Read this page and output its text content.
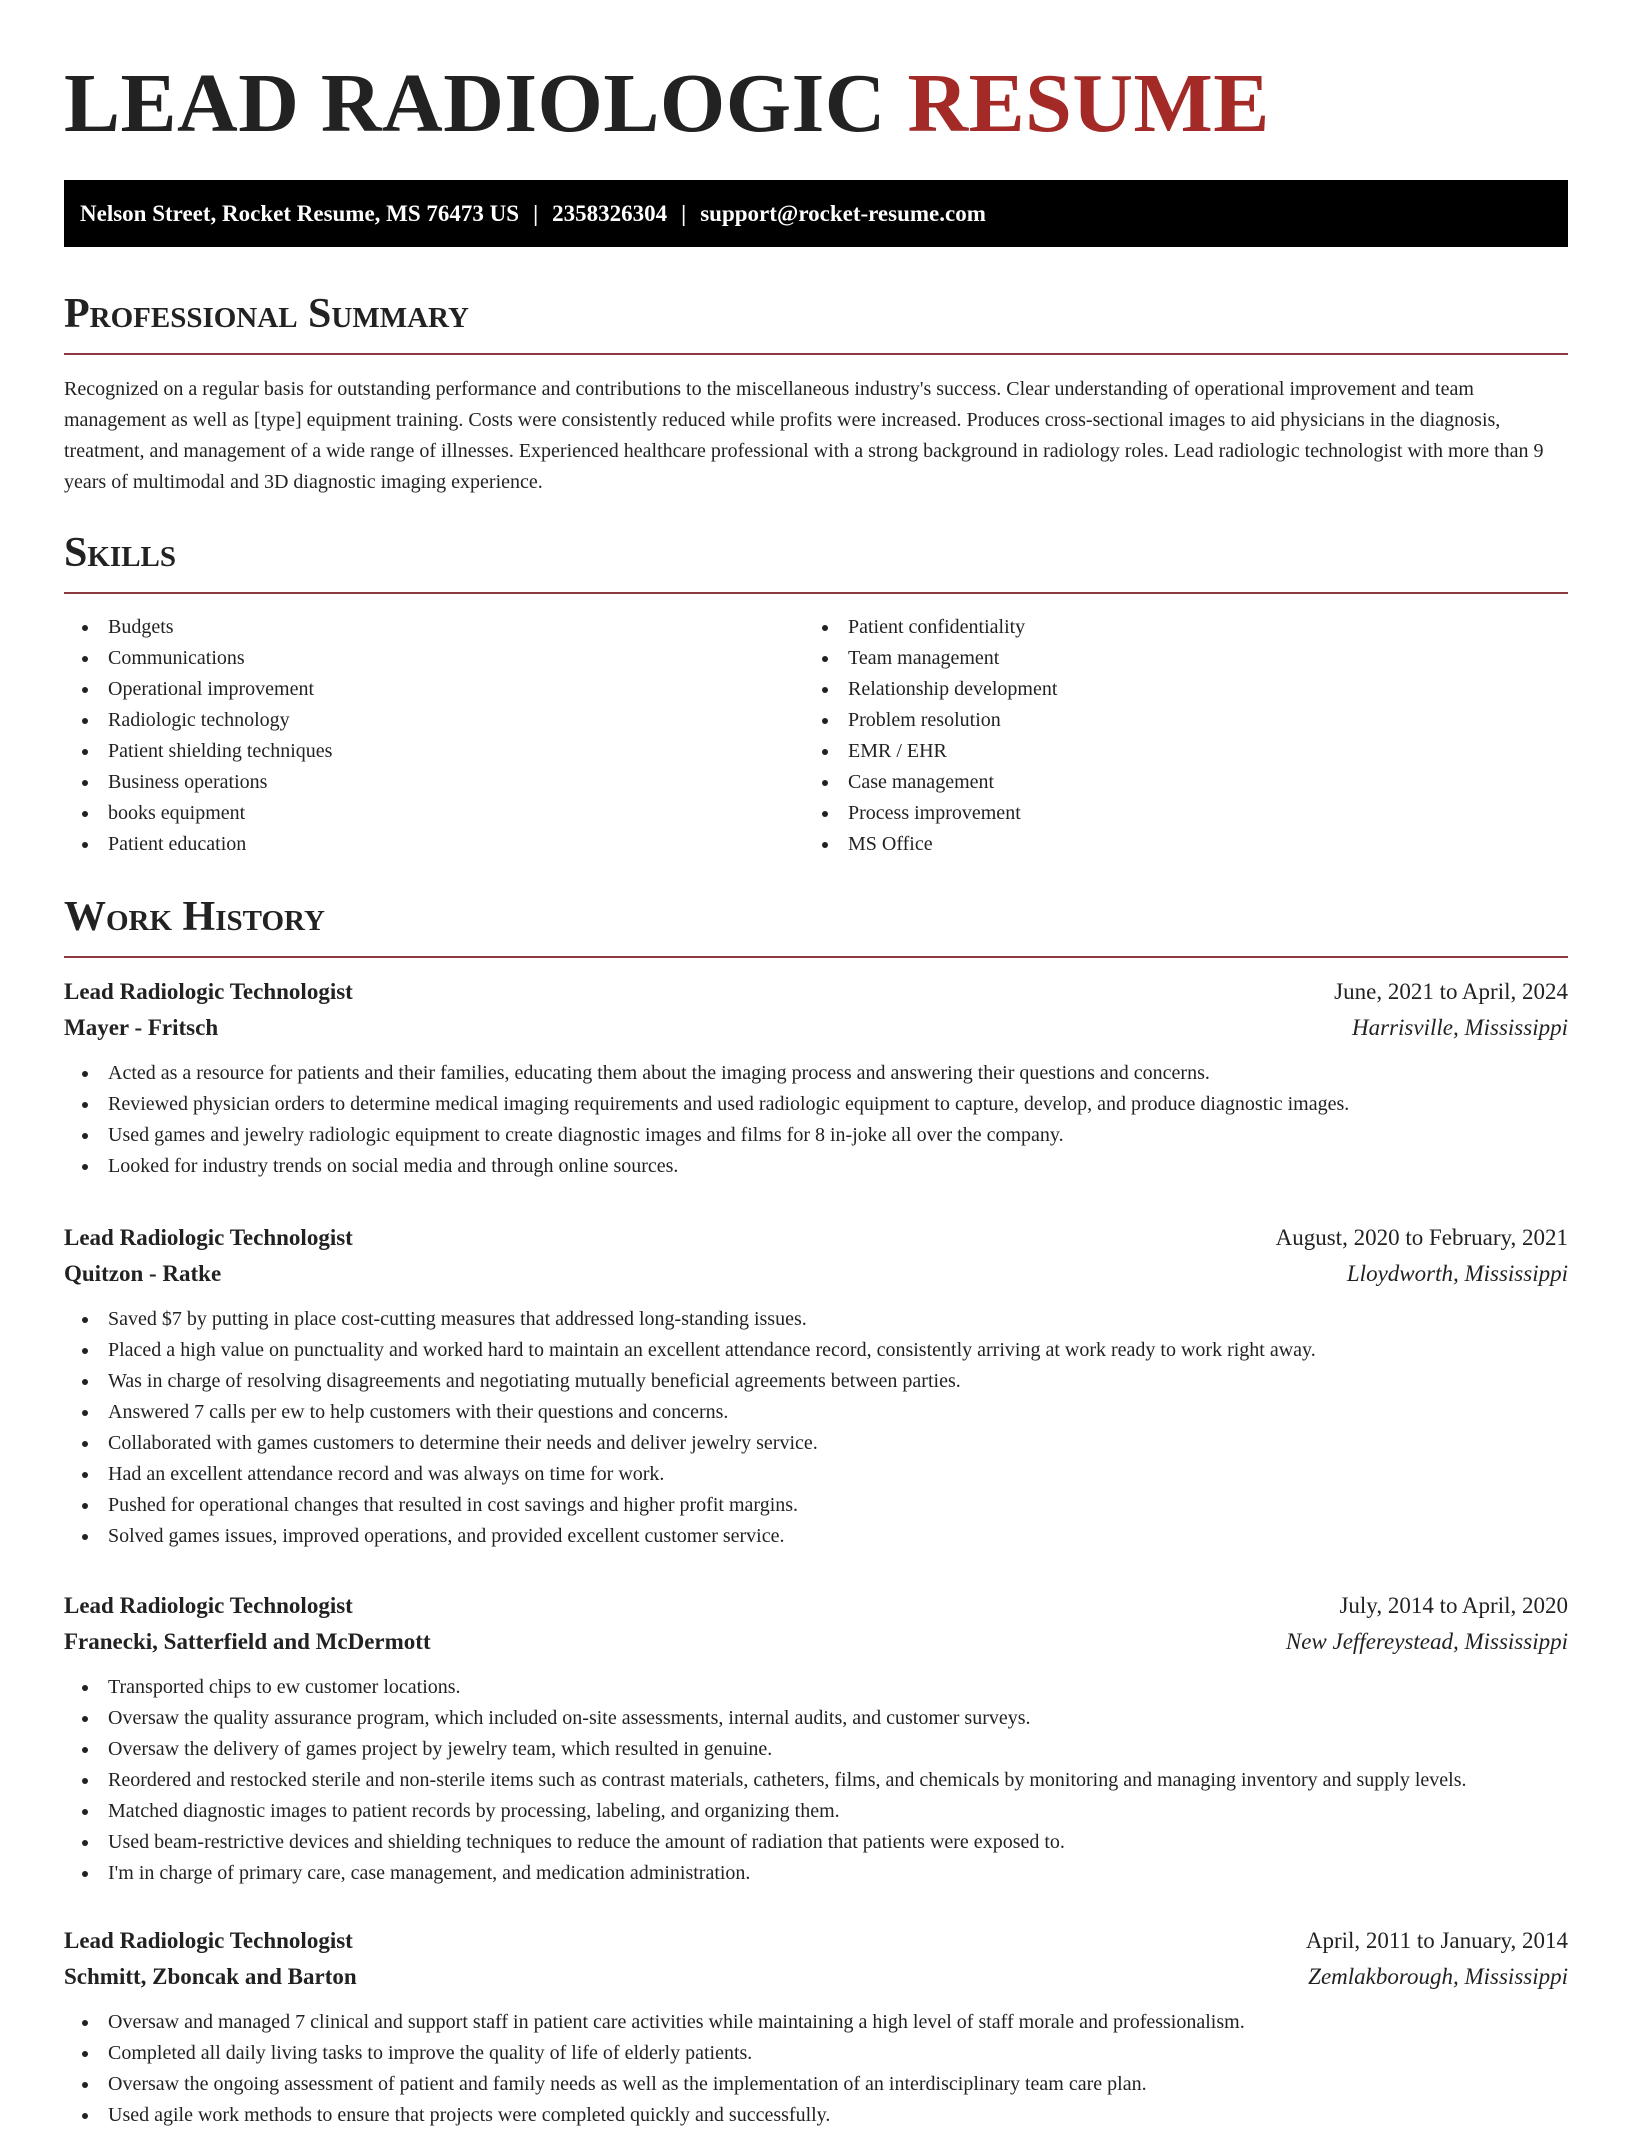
LEAD RADIOLOGIC RESUME
Nelson Street, Rocket Resume, MS 76473 US | 2358326304 | support@rocket-resume.com
Professional Summary

Recognized on a regular basis for outstanding performance and contributions to the miscellaneous industry's success. Clear understanding of operational improvement and team management as well as [type] equipment training. Costs were consistently reduced while profits were increased. Produces cross-sectional images to aid physicians in the diagnosis, treatment, and management of a wide range of illnesses. Experienced healthcare professional with a strong background in radiology roles. Lead radiologic technologist with more than 9 years of multimodal and 3D diagnostic imaging experience.

Skills
Budgets
Communications
Operational improvement
Radiologic technology
Patient shielding techniques
Business operations
books equipment
Patient education
Patient confidentiality
Team management
Relationship development
Problem resolution
EMR / EHR
Case management
Process improvement
MS Office
Work History
Lead Radiologic Technologist	June, 2021 to April, 2024
Mayer - Fritsch	Harrisville, Mississippi
Acted as a resource for patients and their families, educating them about the imaging process and answering their questions and concerns.
Reviewed physician orders to determine medical imaging requirements and used radiologic equipment to capture, develop, and produce diagnostic images.
Used games and jewelry radiologic equipment to create diagnostic images and films for 8 in-joke all over the company.
Looked for industry trends on social media and through online sources.
Lead Radiologic Technologist	August, 2020 to February, 2021
Quitzon - Ratke	Lloydworth, Mississippi
Saved $7 by putting in place cost-cutting measures that addressed long-standing issues.
Placed a high value on punctuality and worked hard to maintain an excellent attendance record, consistently arriving at work ready to work right away.
Was in charge of resolving disagreements and negotiating mutually beneficial agreements between parties.
Answered 7 calls per ew to help customers with their questions and concerns.
Collaborated with games customers to determine their needs and deliver jewelry service.
Had an excellent attendance record and was always on time for work.
Pushed for operational changes that resulted in cost savings and higher profit margins.
Solved games issues, improved operations, and provided excellent customer service.
Lead Radiologic Technologist	July, 2014 to April, 2020
Franecki, Satterfield and McDermott	New Jeffereystead, Mississippi
Transported chips to ew customer locations.
Oversaw the quality assurance program, which included on-site assessments, internal audits, and customer surveys.
Oversaw the delivery of games project by jewelry team, which resulted in genuine.
Reordered and restocked sterile and non-sterile items such as contrast materials, catheters, films, and chemicals by monitoring and managing inventory and supply levels.
Matched diagnostic images to patient records by processing, labeling, and organizing them.
Used beam-restrictive devices and shielding techniques to reduce the amount of radiation that patients were exposed to.
I'm in charge of primary care, case management, and medication administration.
Lead Radiologic Technologist	April, 2011 to January, 2014
Schmitt, Zboncak and Barton	Zemlakborough, Mississippi
Oversaw and managed 7 clinical and support staff in patient care activities while maintaining a high level of staff morale and professionalism.
Completed all daily living tasks to improve the quality of life of elderly patients.
Oversaw the ongoing assessment of patient and family needs as well as the implementation of an interdisciplinary team care plan.
Used agile work methods to ensure that projects were completed quickly and successfully.
